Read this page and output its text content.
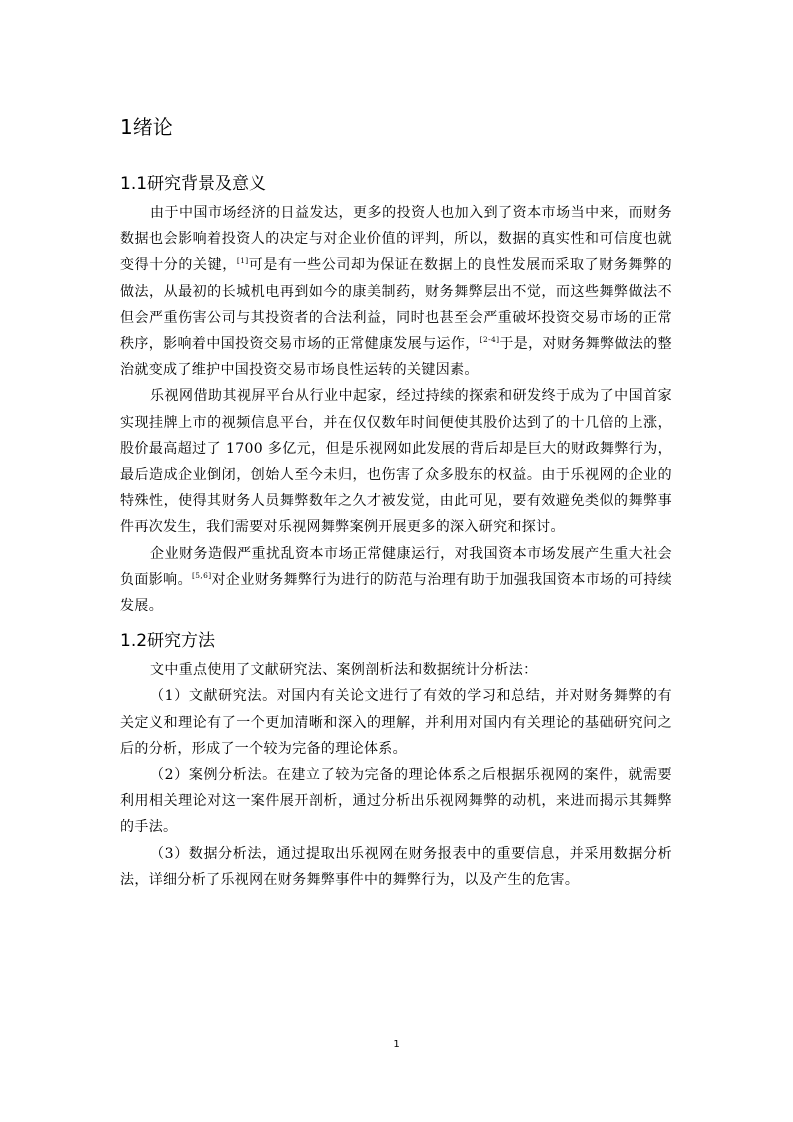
1绪论
1.1研究背景及意义

由于中国市场经济的日益发达，更多的投资人也加入到了资本市场当中来，而财务数据也会影响着投资人的决定与对企业价值的评判，所以，数据的真实性和可信度也就变得十分的关键，[1]可是有一些公司却为保证在数据上的良性发展而采取了财务舞弊的做法，从最初的长城机电再到如今的康美制药，财务舞弊层出不觉，而这些舞弊做法不但会严重伤害公司与其投资者的合法利益，同时也甚至会严重破坏投资交易市场的正常秩序，影响着中国投资交易市场的正常健康发展与运作，[2-4]于是，对财务舞弊做法的整治就变成了维护中国投资交易市场良性运转的关键因素。

乐视网借助其视屏平台从行业中起家，经过持续的探索和研发终于成为了中国首家实现挂牌上市的视频信息平台，并在仅仅数年时间便使其股价达到了的十几倍的上涨，股价最高超过了 1700 多亿元，但是乐视网如此发展的背后却是巨大的财政舞弊行为，最后造成企业倒闭，创始人至今未归，也伤害了众多股东的权益。由于乐视网的企业的特殊性，使得其财务人员舞弊数年之久才被发觉，由此可见，要有效避免类似的舞弊事件再次发生，我们需要对乐视网舞弊案例开展更多的深入研究和探讨。

企业财务造假严重扰乱资本市场正常健康运行，对我国资本市场发展产生重大社会负面影响。[5,6]对企业财务舞弊行为进行的防范与治理有助于加强我国资本市场的可持续发展。

1.2研究方法

文中重点使用了文献研究法、案例剖析法和数据统计分析法：

（1）文献研究法。对国内有关论文进行了有效的学习和总结，并对财务舞弊的有关定义和理论有了一个更加清晰和深入的理解，并利用对国内有关理论的基础研究问之后的分析，形成了一个较为完备的理论体系。

（2）案例分析法。在建立了较为完备的理论体系之后根据乐视网的案件，就需要利用相关理论对这一案件展开剖析，通过分析出乐视网舞弊的动机，来进而揭示其舞弊的手法。

（3）数据分析法，通过提取出乐视网在财务报表中的重要信息，并采用数据分析法，详细分析了乐视网在财务舞弊事件中的舞弊行为，以及产生的危害。

1
